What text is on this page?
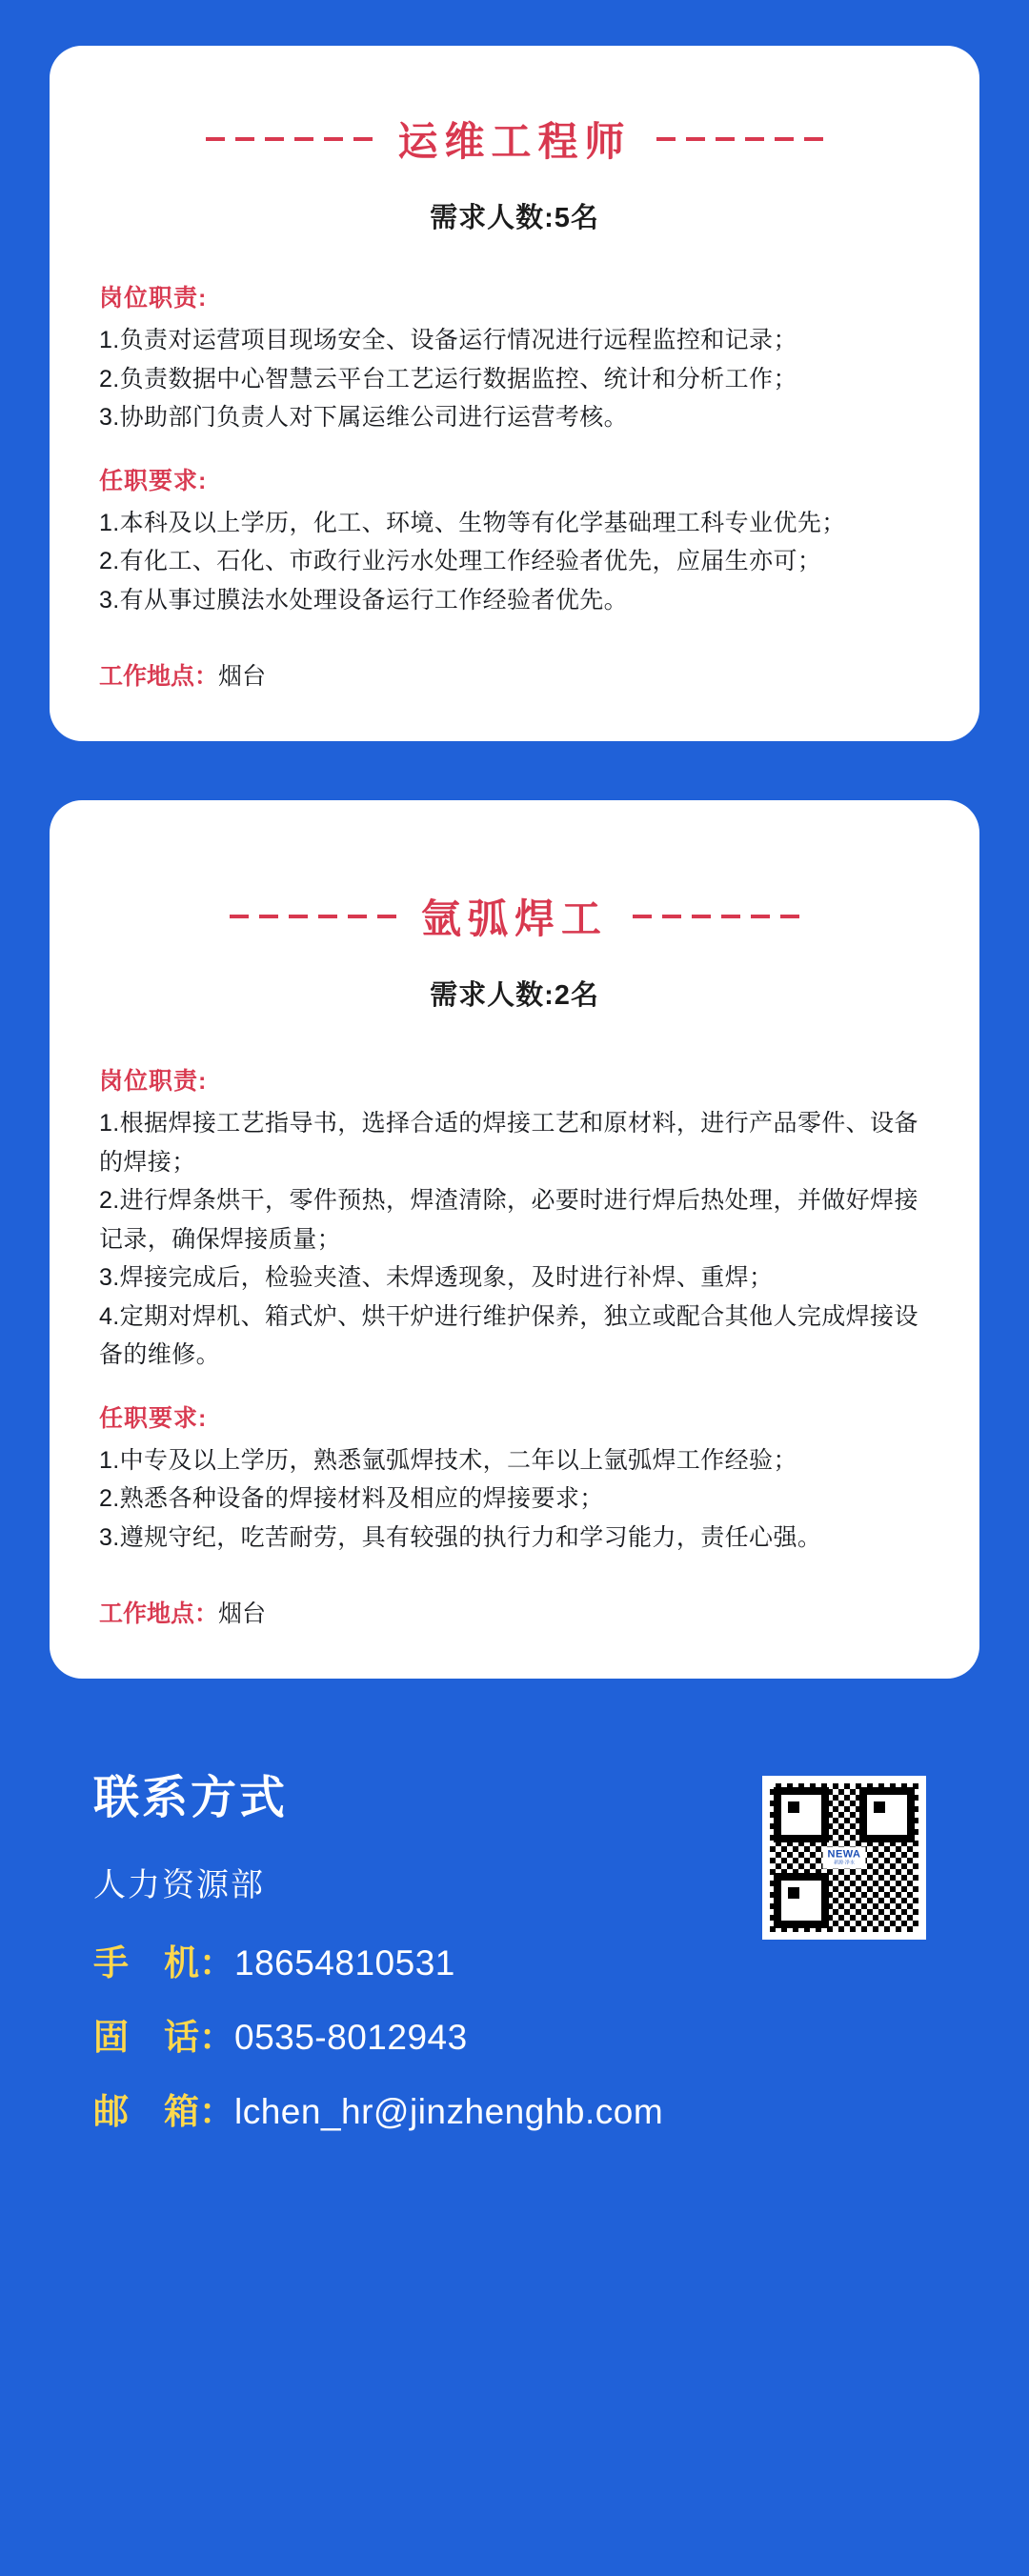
运维工程师
需求人数:5名
岗位职责:
1.负责对运营项目现场安全、设备运行情况进行远程监控和记录；
2.负责数据中心智慧云平台工艺运行数据监控、统计和分析工作；
3.协助部门负责人对下属运维公司进行运营考核。
任职要求:
1.本科及以上学历，化工、环境、生物等有化学基础理工科专业优先；
2.有化工、石化、市政行业污水处理工作经验者优先，应届生亦可；
3.有从事过膜法水处理设备运行工作经验者优先。
工作地点：烟台
氩弧焊工
需求人数:2名
岗位职责:
1.根据焊接工艺指导书，选择合适的焊接工艺和原材料，进行产品零件、设备的焊接；
2.进行焊条烘干，零件预热，焊渣清除，必要时进行焊后热处理，并做好焊接记录，确保焊接质量；
3.焊接完成后，检验夹渣、未焊透现象，及时进行补焊、重焊；
4.定期对焊机、箱式炉、烘干炉进行维护保养，独立或配合其他人完成焊接设备的维修。
任职要求:
1.中专及以上学历，熟悉氩弧焊技术，二年以上氩弧焊工作经验；
2.熟悉各种设备的焊接材料及相应的焊接要求；
3.遵规守纪，吃苦耐劳，具有较强的执行力和学习能力，责任心强。
工作地点：烟台
联系方式
人力资源部
手　机： 18654810531
固　话： 0535-8012943
邮　箱： lchen_hr@jinzhenghb.com
NEWA
新源·净水
